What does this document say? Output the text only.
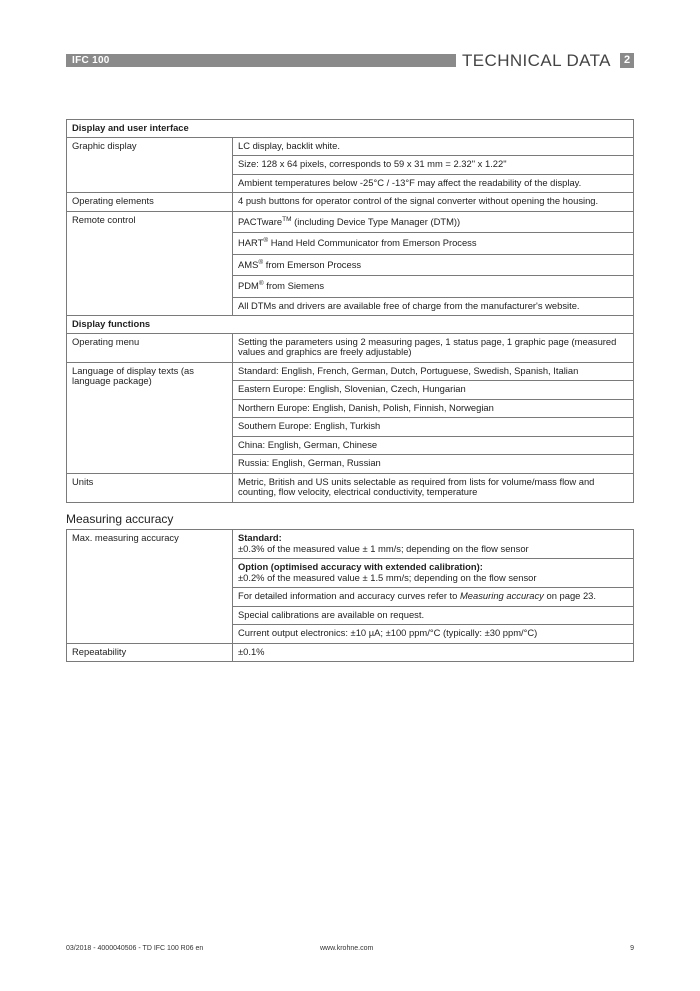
IFC 100	TECHNICAL DATA	2
Display and user interface	
Graphic display	LC display, backlit white.
	Size: 128 x 64 pixels, corresponds to 59 x 31 mm = 2.32" x 1.22"
	Ambient temperatures below -25°C / -13°F may affect the readability of the display.
Operating elements	4 push buttons for operator control of the signal converter without opening the housing.
Remote control	PACTware™ (including Device Type Manager (DTM))
	HART® Hand Held Communicator from Emerson Process
	AMS® from Emerson Process
	PDM® from Siemens
	All DTMs and drivers are available free of charge from the manufacturer's website.
Display functions	
Operating menu	Setting the parameters using 2 measuring pages, 1 status page, 1 graphic page (measured values and graphics are freely adjustable)
Language of display texts (as language package)	Standard: English, French, German, Dutch, Portuguese, Swedish, Spanish, Italian
	Eastern Europe: English, Slovenian, Czech, Hungarian
	Northern Europe: English, Danish, Polish, Finnish, Norwegian
	Southern Europe: English, Turkish
	China: English, German, Chinese
	Russia: English, German, Russian
Units	Metric, British and US units selectable as required from lists for volume/mass flow and counting, flow velocity, electrical conductivity, temperature
Measuring accuracy
Max. measuring accuracy	Standard:
±0.3% of the measured value ± 1 mm/s; depending on the flow sensor

	Option (optimised accuracy with extended calibration):
±0.2% of the measured value ± 1.5 mm/s; depending on the flow sensor

	For detailed information and accuracy curves refer to Measuring accuracy on page 23.
	Special calibrations are available on request.
	Current output electronics: ±10 µA; ±100 ppm/°C (typically: ±30 ppm/°C)
Repeatability	±0.1%
03/2018 - 4000040506 - TD IFC 100 R06 en	www.krohne.com	9
